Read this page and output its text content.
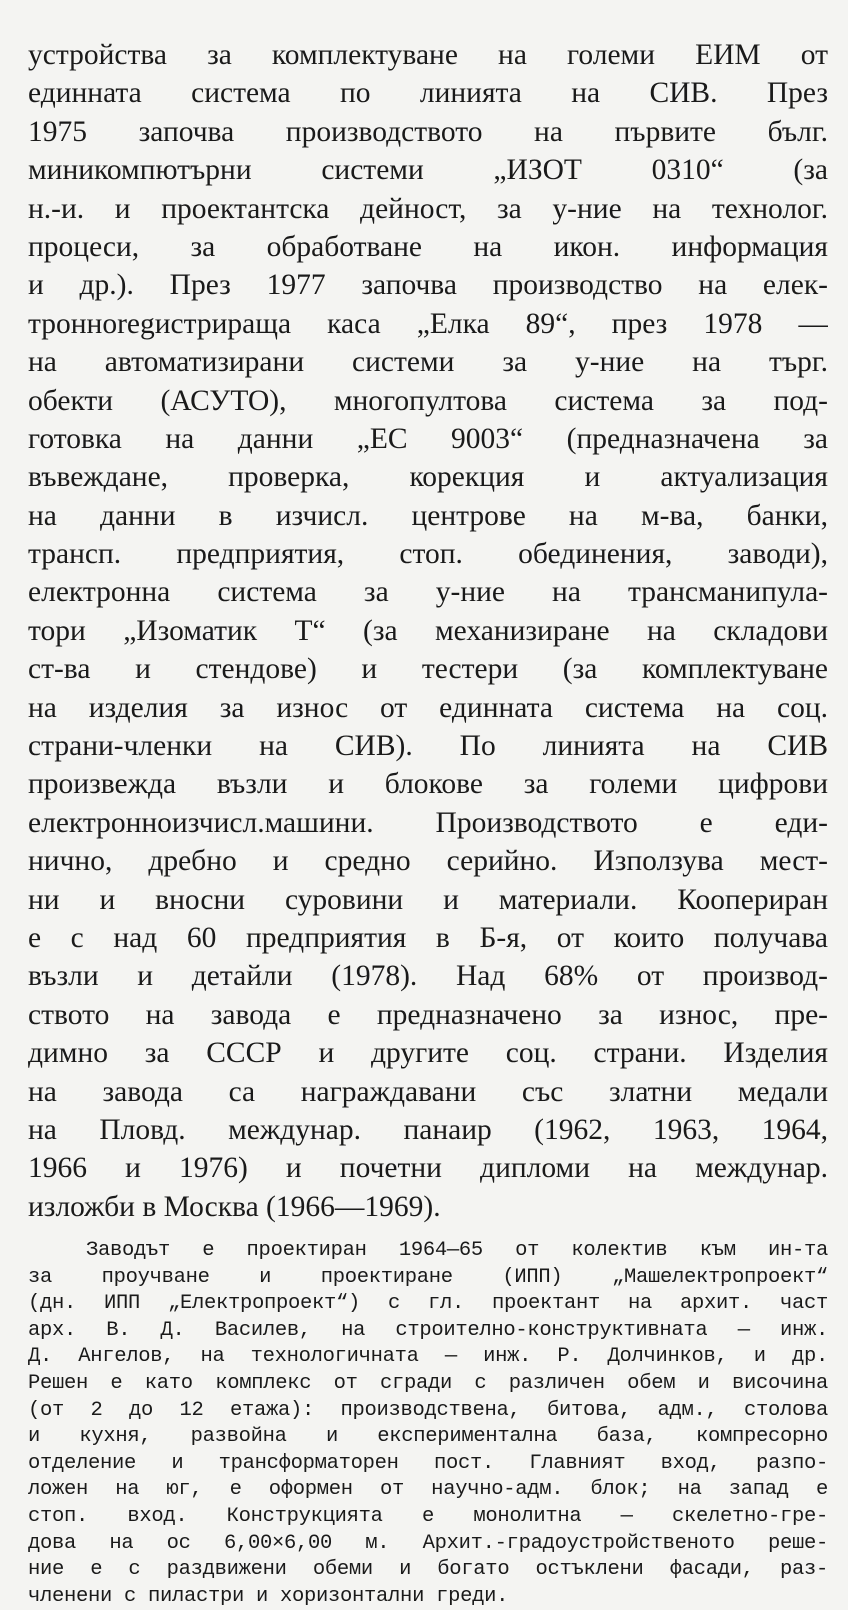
устройства за комплектуване на големи ЕИМ от
единната система по линията на СИВ. През
1975 започва производството на първите бълг.
миникомпютърни системи „ИЗОТ 0310“ (за
н.-и. и проектантска дейност, за у-ние на технолог.
процеси, за обработване на икон. информация
и др.). През 1977 започва производство на елек-
тронноregистрираща каса „Елка 89“, през 1978 —
на автоматизирани системи за у-ние на търг.
обекти (АСУТО), многопултова система за под-
готовка на данни „ЕС 9003“ (предназначена за
въвеждане, проверка, корекция и актуализация
на данни в изчисл. центрове на м-ва, банки,
трансп. предприятия, стоп. обединения, заводи),
електронна система за у-ние на трансманипула-
тори „Изоматик Т“ (за механизиране на складови
ст-ва и стендове) и тестери (за комплектуване
на изделия за износ от единната система на соц.
страни-членки на СИВ). По линията на СИВ
произвежда възли и блокове за големи цифрови
електронноизчисл.машини. Производството е еди-
нично, дребно и средно серийно. Използува мест-
ни и вносни суровини и материали. Коопериран
е с над 60 предприятия в Б-я, от които получава
възли и детайли (1978). Над 68% от производ-
ството на завода е предназначено за износ, пре-
димно за СССР и другите соц. страни. Изделия
на завода са награждавани със златни медали
на Пловд. междунар. панаир (1962, 1963, 1964,
1966 и 1976) и почетни дипломи на междунар.
изложби в Москва (1966—1969).
Заводът е проектиран 1964—65 от колектив към ин-та
за проучване и проектиране (ИПП) „Машелектропроект“
(дн. ИПП „Електропроект“) с гл. проектант на архит. част
арх. В. Д. Василев, на строително-конструктивната — инж.
Д. Ангелов, на технологичната — инж. Р. Долчинков, и др.
Решен е като комплекс от сгради с различен обем и височина
(от 2 до 12 етажа): производствена, битова, адм., столова
и кухня, развойна и експериментална база, компресорно
отделение и трансформаторен пост. Главният вход, разпо-
ложен на юг, е оформен от научно-адм. блок; на запад е
стоп. вход. Конструкцията е монолитна — скелетно-гре-
дова на ос 6,00×6,00 м. Архит.-градоустройственото реше-
ние е с раздвижени обеми и богато остъклени фасади, раз-
членени с пиластри и хоризонтални греди.
